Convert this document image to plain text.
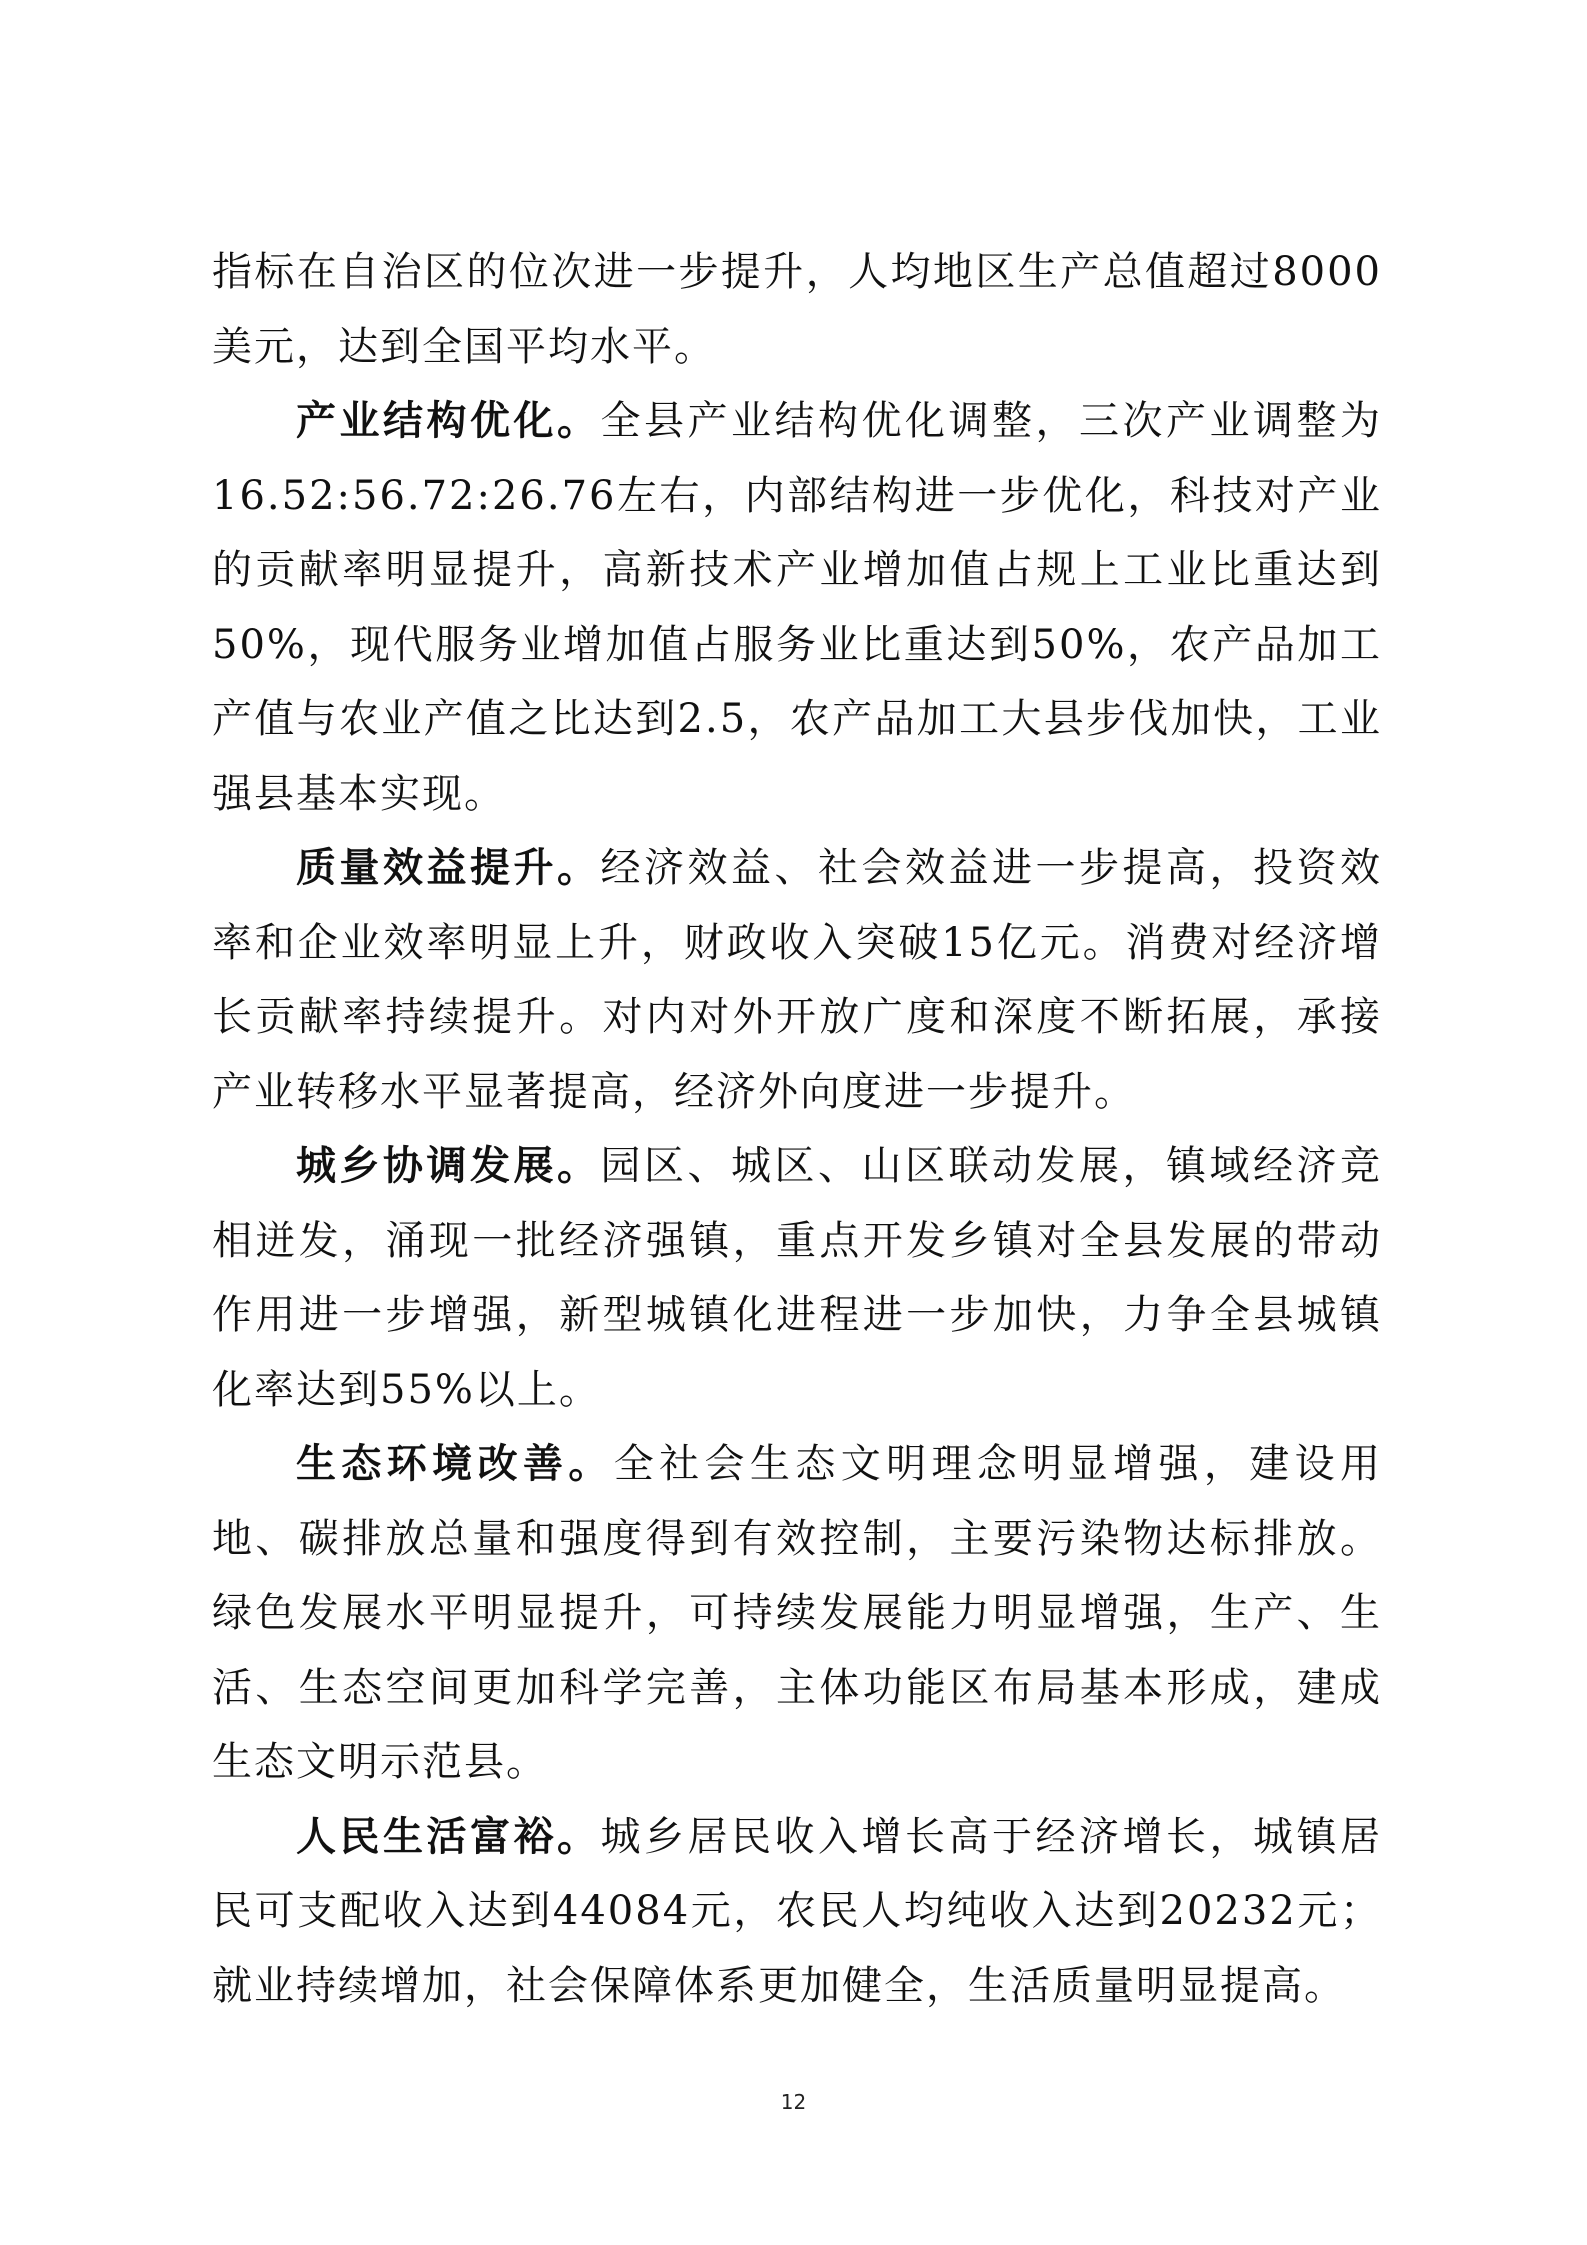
指标在自治区的位次进一步提升，人均地区生产总值超过8000美元，达到全国平均水平。

产业结构优化。全县产业结构优化调整，三次产业调整为16.52:56.72:26.76左右，内部结构进一步优化，科技对产业的贡献率明显提升，高新技术产业增加值占规上工业比重达到50%，现代服务业增加值占服务业比重达到50%，农产品加工产值与农业产值之比达到2.5，农产品加工大县步伐加快，工业强县基本实现。

质量效益提升。经济效益、社会效益进一步提高，投资效率和企业效率明显上升，财政收入突破15亿元。消费对经济增长贡献率持续提升。对内对外开放广度和深度不断拓展，承接产业转移水平显著提高，经济外向度进一步提升。

城乡协调发展。园区、城区、山区联动发展，镇域经济竞相迸发，涌现一批经济强镇，重点开发乡镇对全县发展的带动作用进一步增强，新型城镇化进程进一步加快，力争全县城镇化率达到55%以上。

生态环境改善。全社会生态文明理念明显增强，建设用地、碳排放总量和强度得到有效控制，主要污染物达标排放。绿色发展水平明显提升，可持续发展能力明显增强，生产、生活、生态空间更加科学完善，主体功能区布局基本形成，建成生态文明示范县。

人民生活富裕。城乡居民收入增长高于经济增长，城镇居民可支配收入达到44084元，农民人均纯收入达到20232元；就业持续增加，社会保障体系更加健全，生活质量明显提高。

12
